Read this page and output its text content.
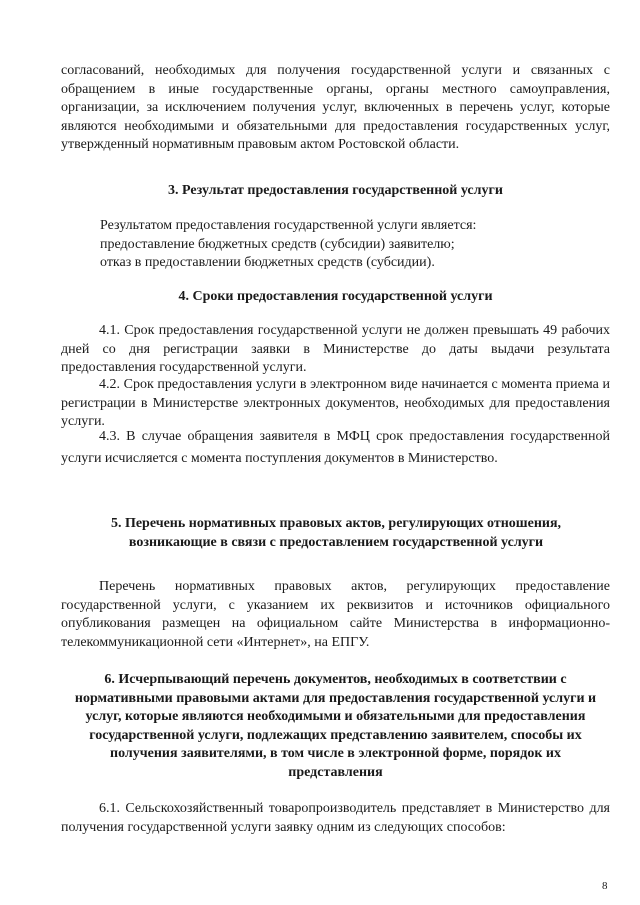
согласований, необходимых для получения государственной услуги и связанных с обращением в иные государственные органы, органы местного самоуправления, организации, за исключением получения услуг, включенных в перечень услуг, которые являются необходимыми и обязательными для предоставления государственных услуг, утвержденный нормативным правовым актом Ростовской области.

3. Результат предоставления государственной услуги

Результатом предоставления государственной услуги является:

предоставление бюджетных средств (субсидии) заявителю;

отказ в предоставлении бюджетных средств (субсидии).

4. Сроки предоставления государственной услуги

4.1. Срок предоставления государственной услуги не должен превышать 49 рабочих дней со дня регистрации заявки в Министерстве до даты выдачи результата предоставления государственной услуги.

4.2. Срок предоставления услуги в электронном виде начинается с момента приема и регистрации в Министерстве электронных документов, необходимых для предоставления услуги.

4.3. В случае обращения заявителя в МФЦ срок предоставления государственной услуги исчисляется с момента поступления документов в Министерство.

5. Перечень нормативных правовых актов, регулирующих отношения, возникающие в связи с предоставлением государственной услуги

Перечень нормативных правовых актов, регулирующих предоставление государственной услуги, с указанием их реквизитов и источников официального опубликования размещен на официальном сайте Министерства в информационно-телекоммуникационной сети «Интернет», на ЕПГУ.

6. Исчерпывающий перечень документов, необходимых в соответствии с нормативными правовыми актами для предоставления государственной услуги и услуг, которые являются необходимыми и обязательными для предоставления государственной услуги, подлежащих представлению заявителем, способы их получения заявителями, в том числе в электронной форме, порядок их представления

6.1. Сельскохозяйственный товаропроизводитель представляет в Министерство для получения государственной услуги заявку одним из следующих способов:

8
